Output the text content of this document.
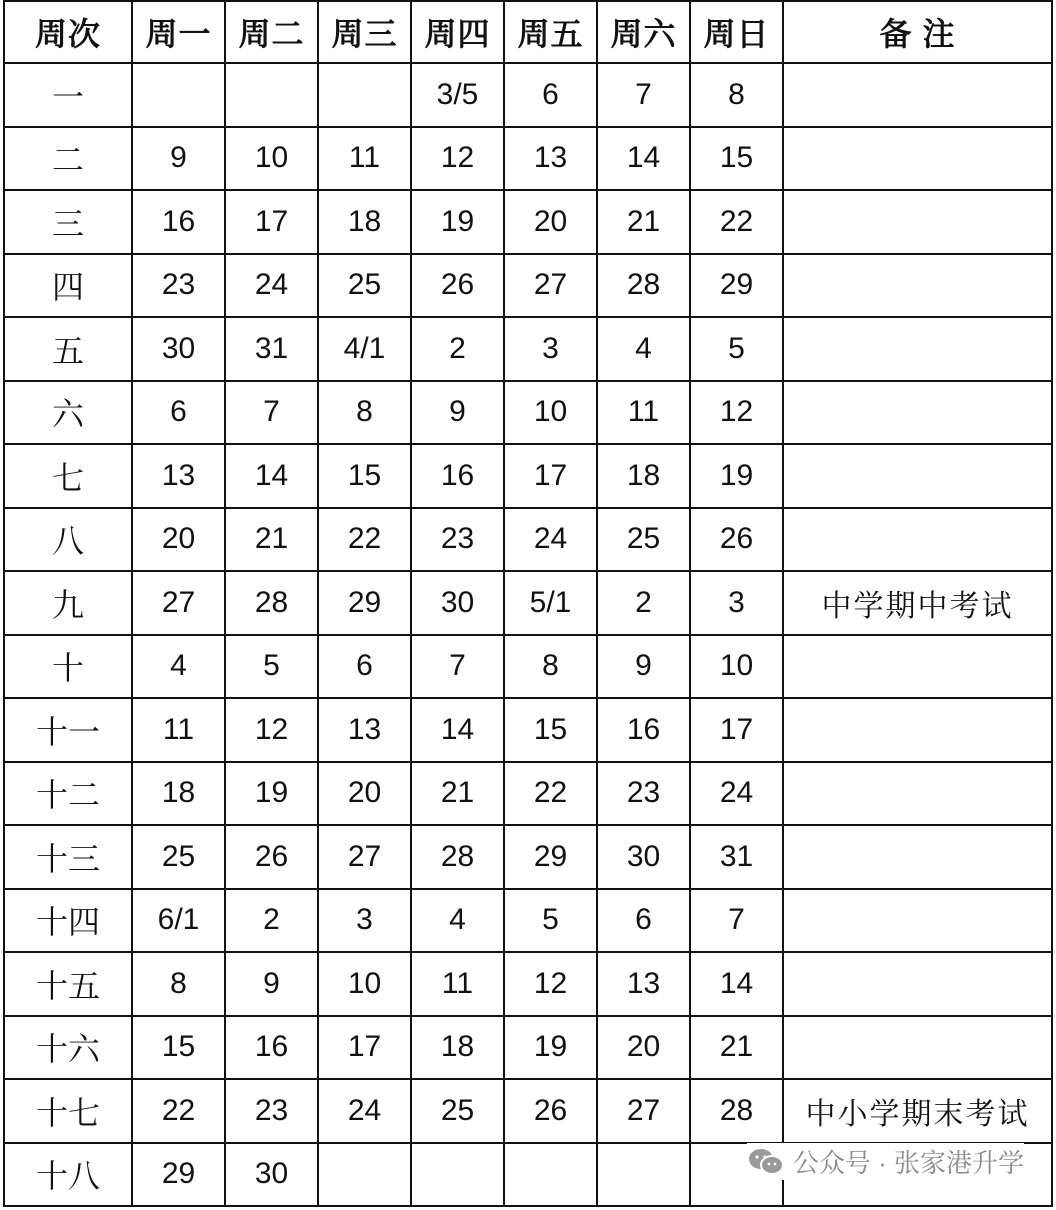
周次	周一	周二	周三	周四	周五	周六	周日	备 注
一				3/5	6	7	8	
二	9	10	11	12	13	14	15	
三	16	17	18	19	20	21	22	
四	23	24	25	26	27	28	29	
五	30	31	4/1	2	3	4	5	
六	6	7	8	9	10	11	12	
七	13	14	15	16	17	18	19	
八	20	21	22	23	24	25	26	
九	27	28	29	30	5/1	2	3	中学期中考试
十	4	5	6	7	8	9	10	
十一	11	12	13	14	15	16	17	
十二	18	19	20	21	22	23	24	
十三	25	26	27	28	29	30	31	
十四	6/1	2	3	4	5	6	7	
十五	8	9	10	11	12	13	14	
十六	15	16	17	18	19	20	21	
十七	22	23	24	25	26	27	28	中小学期末考试
十八	29	30							公众号 · 张家港升学
